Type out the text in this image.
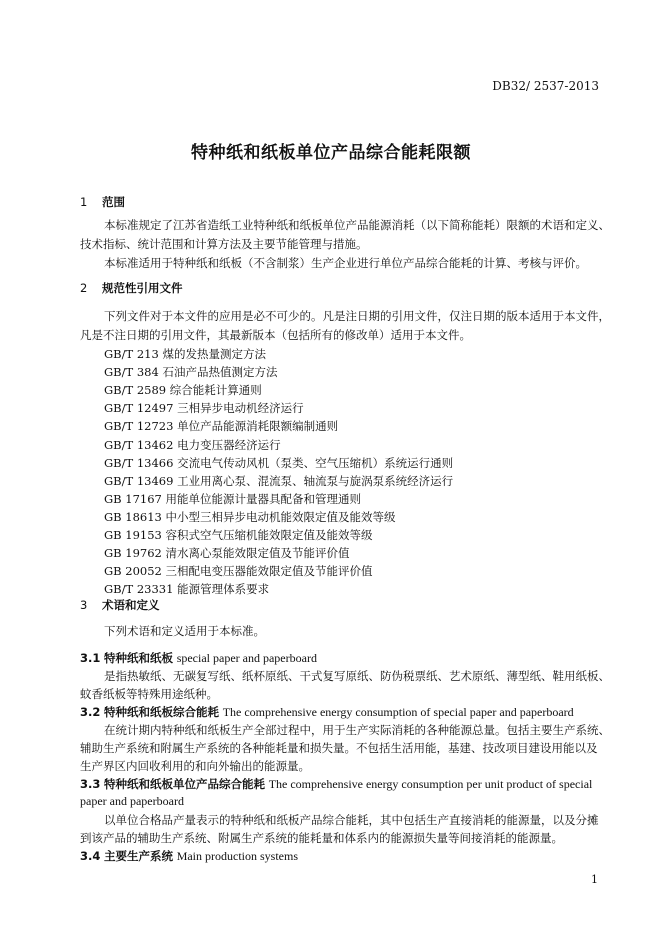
DB32/ 2537-2013
特种纸和纸板单位产品综合能耗限额
1 范围
本标准规定了江苏省造纸工业特种纸和纸板单位产品能源消耗（以下简称能耗）限额的术语和定义、
技术指标、统计范围和计算方法及主要节能管理与措施。
本标准适用于特种纸和纸板（不含制浆）生产企业进行单位产品综合能耗的计算、考核与评价。
2 规范性引用文件
下列文件对于本文件的应用是必不可少的。凡是注日期的引用文件，仅注日期的版本适用于本文件，
凡是不注日期的引用文件，其最新版本（包括所有的修改单）适用于本文件。
GB/T 213 煤的发热量测定方法
GB/T 384 石油产品热值测定方法
GB/T 2589 综合能耗计算通则
GB/T 12497 三相异步电动机经济运行
GB/T 12723 单位产品能源消耗限额编制通则
GB/T 13462 电力变压器经济运行
GB/T 13466 交流电气传动风机（泵类、空气压缩机）系统运行通则
GB/T 13469 工业用离心泵、混流泵、轴流泵与旋涡泵系统经济运行
GB 17167 用能单位能源计量器具配备和管理通则
GB 18613 中小型三相异步电动机能效限定值及能效等级
GB 19153 容积式空气压缩机能效限定值及能效等级
GB 19762 清水离心泵能效限定值及节能评价值
GB 20052 三相配电变压器能效限定值及节能评价值
GB/T 23331 能源管理体系要求
3 术语和定义
下列术语和定义适用于本标准。
3.1 特种纸和纸板 special paper and paperboard
是指热敏纸、无碳复写纸、纸杯原纸、干式复写原纸、防伪税票纸、艺术原纸、薄型纸、鞋用纸板、
蚊香纸板等特殊用途纸种。
3.2 特种纸和纸板综合能耗 The comprehensive energy consumption of special paper and paperboard
在统计期内特种纸和纸板生产全部过程中，用于生产实际消耗的各种能源总量。包括主要生产系统、
辅助生产系统和附属生产系统的各种能耗量和损失量。不包括生活用能，基建、技改项目建设用能以及
生产界区内回收利用的和向外输出的能源量。
3.3 特种纸和纸板单位产品综合能耗 The comprehensive energy consumption per unit product of special
paper and paperboard
以单位合格品产量表示的特种纸和纸板产品综合能耗，其中包括生产直接消耗的能源量，以及分摊
到该产品的辅助生产系统、附属生产系统的能耗量和体系内的能源损失量等间接消耗的能源量。
3.4 主要生产系统 Main production systems
1
